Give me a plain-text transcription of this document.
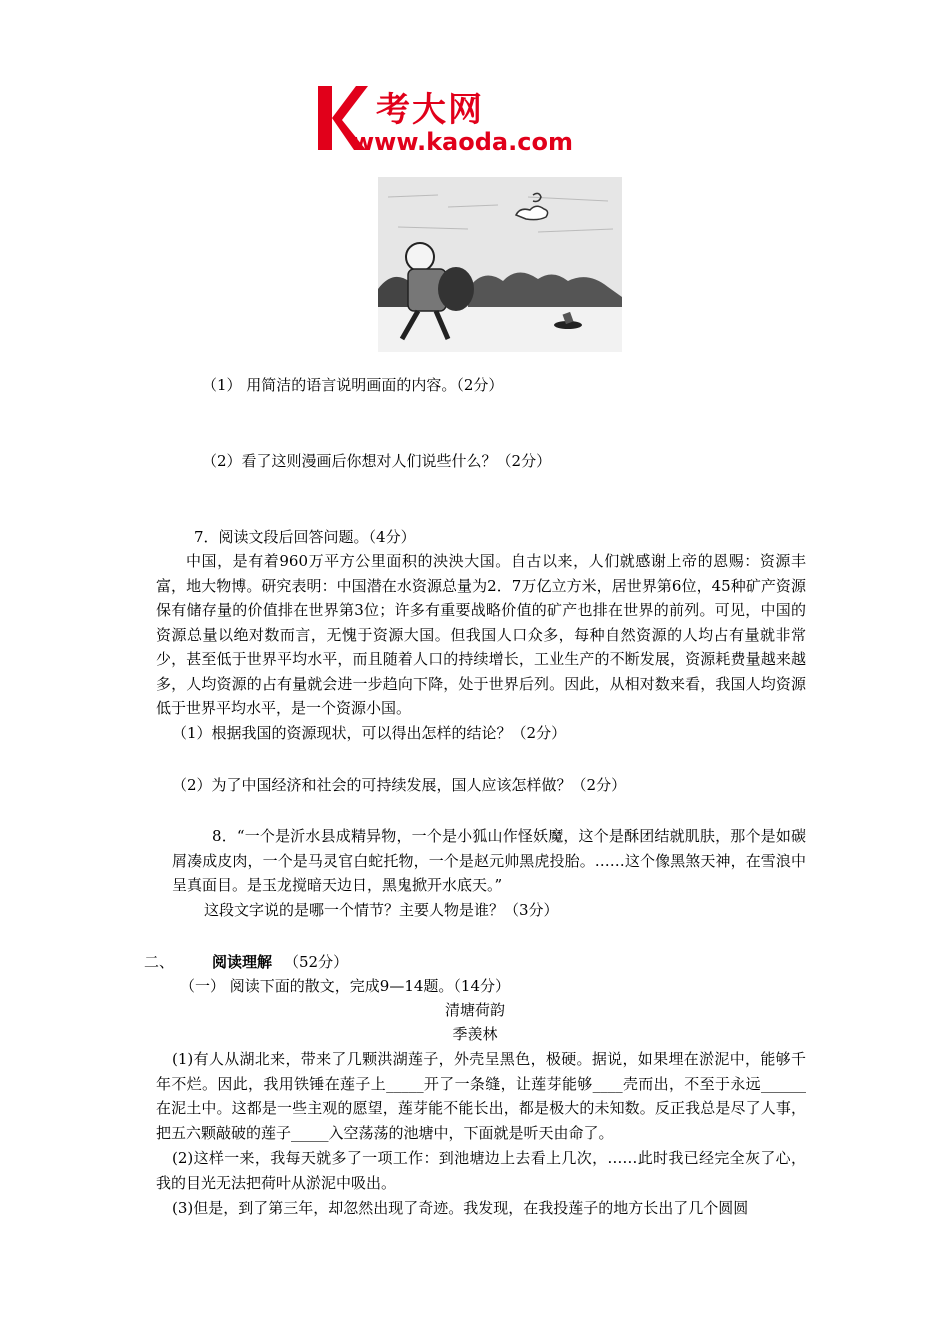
考大网
www.kaoda.com
（1） 用简洁的语言说明画面的内容。（2分）
（2）看了这则漫画后你想对人们说些什么？（2分）
7．阅读文段后回答问题。（4分）
中国，是有着960万平方公里面积的泱泱大国。自古以来，人们就感谢上帝的恩赐：资源丰富，地大物博。研究表明：中国潜在水资源总量为2．7万亿立方米，居世界第6位，45种矿产资源保有储存量的价值排在世界第3位；许多有重要战略价值的矿产也排在世界的前列。可见，中国的资源总量以绝对数而言，无愧于资源大国。但我国人口众多，每种自然资源的人均占有量就非常少，甚至低于世界平均水平，而且随着人口的持续增长，工业生产的不断发展，资源耗费量越来越多，人均资源的占有量就会进一步趋向下降，处于世界后列。因此，从相对数来看，我国人均资源低于世界平均水平，是一个资源小国。
（1）根据我国的资源现状，可以得出怎样的结论？（2分）
（2）为了中国经济和社会的可持续发展，国人应该怎样做？（2分）
8．“一个是沂水县成精异物，一个是小狐山作怪妖魔，这个是酥团结就肌肤，那个是如碳屑凑成皮肉，一个是马灵官白蛇托物，一个是赵元帅黑虎投胎。……这个像黑煞天神，在雪浪中呈真面目。是玉龙搅暗天边日，黑鬼掀开水底天。”
这段文字说的是哪一个情节？主要人物是谁？（3分）
二、	阅读理解 （52分）
（一） 阅读下面的散文，完成9—14题。（14分）
清塘荷韵
季羡林
(1)有人从湖北来，带来了几颗洪湖莲子，外壳呈黑色，极硬。据说，如果埋在淤泥中，能够千年不烂。因此，我用铁锤在莲子上_____开了一条缝，让莲芽能够____壳而出，不至于永远______在泥土中。这都是一些主观的愿望，莲芽能不能长出，都是极大的未知数。反正我总是尽了人事，把五六颗敲破的莲子_____入空荡荡的池塘中，下面就是听天由命了。
(2)这样一来，我每天就多了一项工作：到池塘边上去看上几次，……此时我已经完全灰了心，我的目光无法把荷叶从淤泥中吸出。
(3)但是，到了第三年，却忽然出现了奇迹。我发现，在我投莲子的地方长出了几个圆圆
